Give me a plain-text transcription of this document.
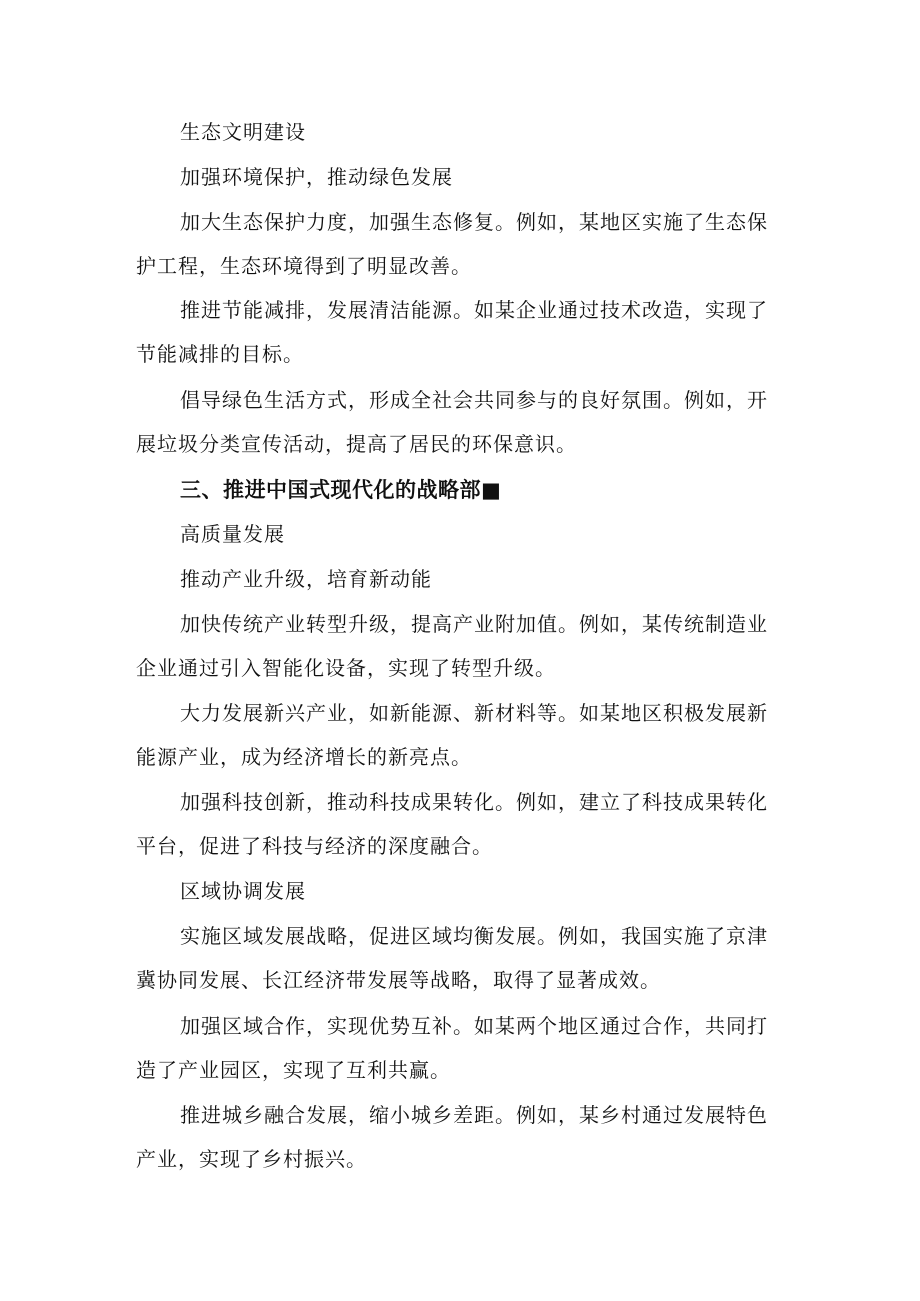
生态文明建设

加强环境保护，推动绿色发展

加大生态保护力度，加强生态修复。例如，某地区实施了生态保护工程，生态环境得到了明显改善。

推进节能减排，发展清洁能源。如某企业通过技术改造，实现了节能减排的目标。

倡导绿色生活方式，形成全社会共同参与的良好氛围。例如，开展垃圾分类宣传活动，提高了居民的环保意识。

三、推进中国式现代化的战略部■

高质量发展

推动产业升级，培育新动能

加快传统产业转型升级，提高产业附加值。例如，某传统制造业企业通过引入智能化设备，实现了转型升级。

大力发展新兴产业，如新能源、新材料等。如某地区积极发展新能源产业，成为经济增长的新亮点。

加强科技创新，推动科技成果转化。例如，建立了科技成果转化平台，促进了科技与经济的深度融合。

区域协调发展

实施区域发展战略，促进区域均衡发展。例如，我国实施了京津冀协同发展、长江经济带发展等战略，取得了显著成效。

加强区域合作，实现优势互补。如某两个地区通过合作，共同打造了产业园区，实现了互利共赢。

推进城乡融合发展，缩小城乡差距。例如，某乡村通过发展特色产业，实现了乡村振兴。
